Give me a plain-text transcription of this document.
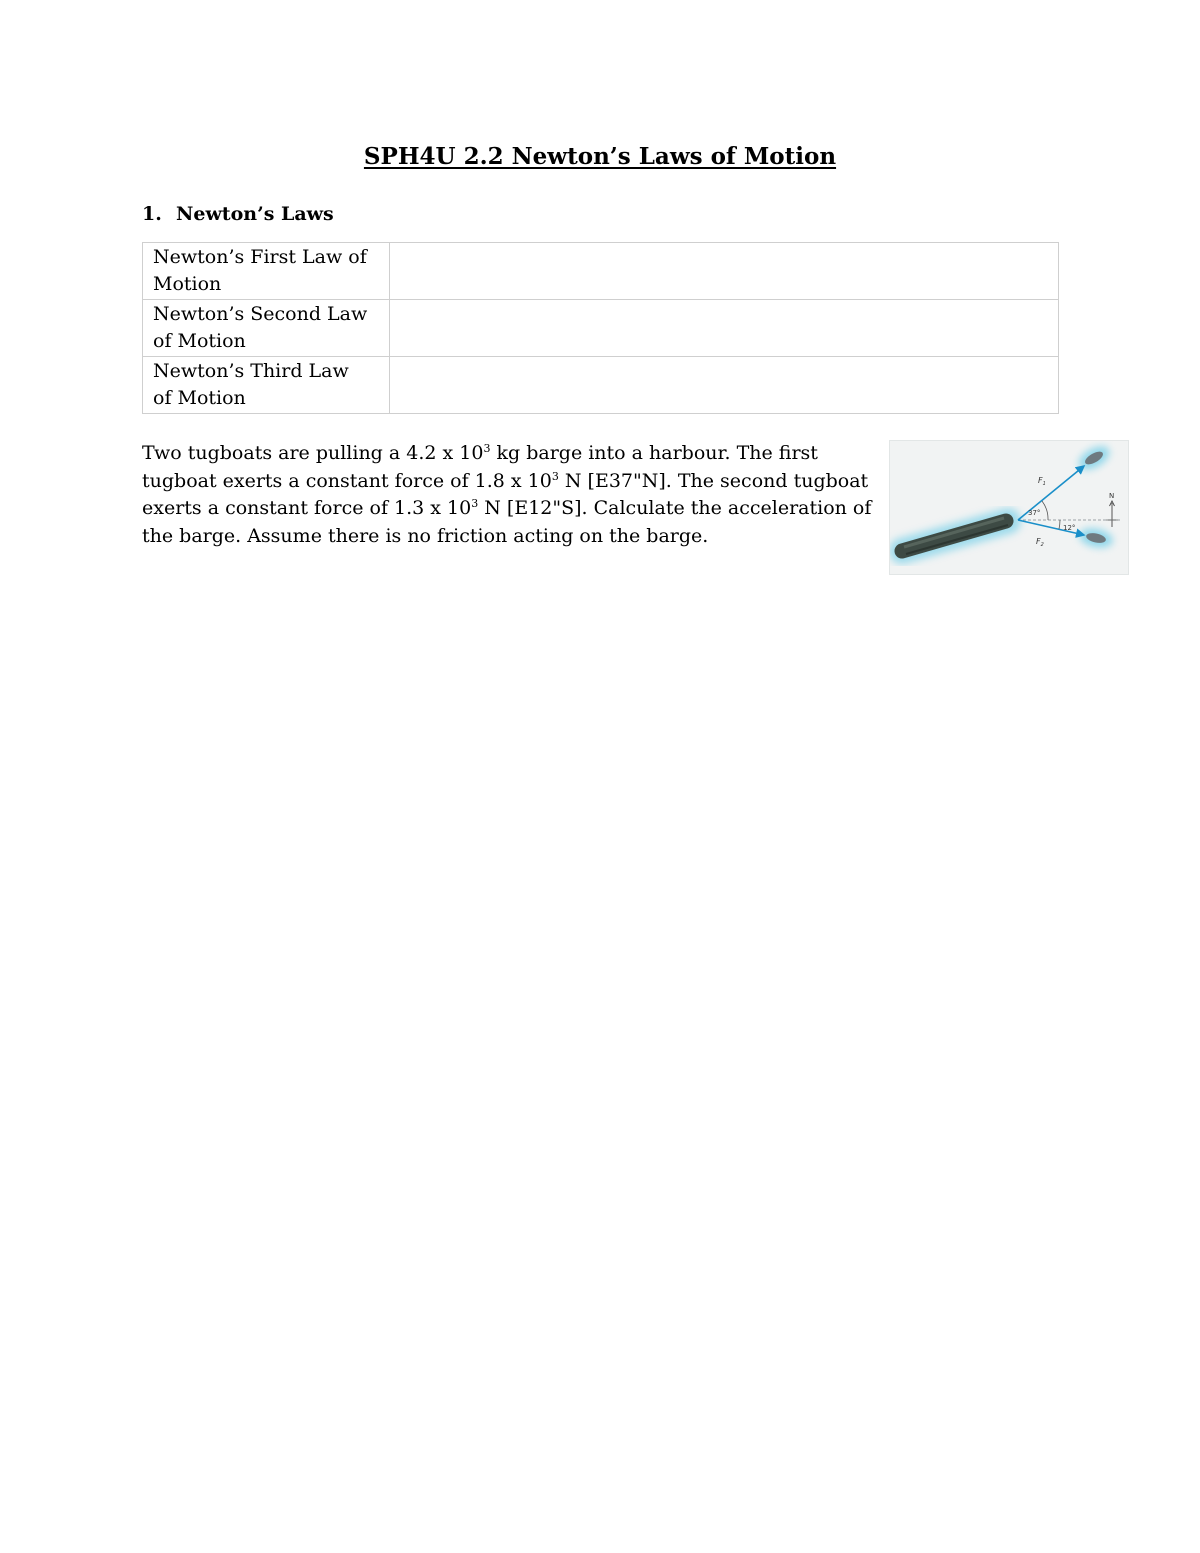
SPH4U 2.2 Newton’s Laws of Motion
1. Newton’s Laws
Newton’s First Law of
Motion	
Newton’s Second Law
of Motion	
Newton’s Third Law
of Motion	

Two tugboats are pulling a 4.2 x $10^3$ kg barge into a harbour. The first tugboat exerts a constant force of 1.8 x $10^3$ N [E37"N]. The second tugboat exerts a constant force of 1.3 x $10^3$ N [E12"S]. Calculate the acceleration of the barge. Assume there is no friction acting on the barge.

$F_1$
$F_2$
37°
12°
N
